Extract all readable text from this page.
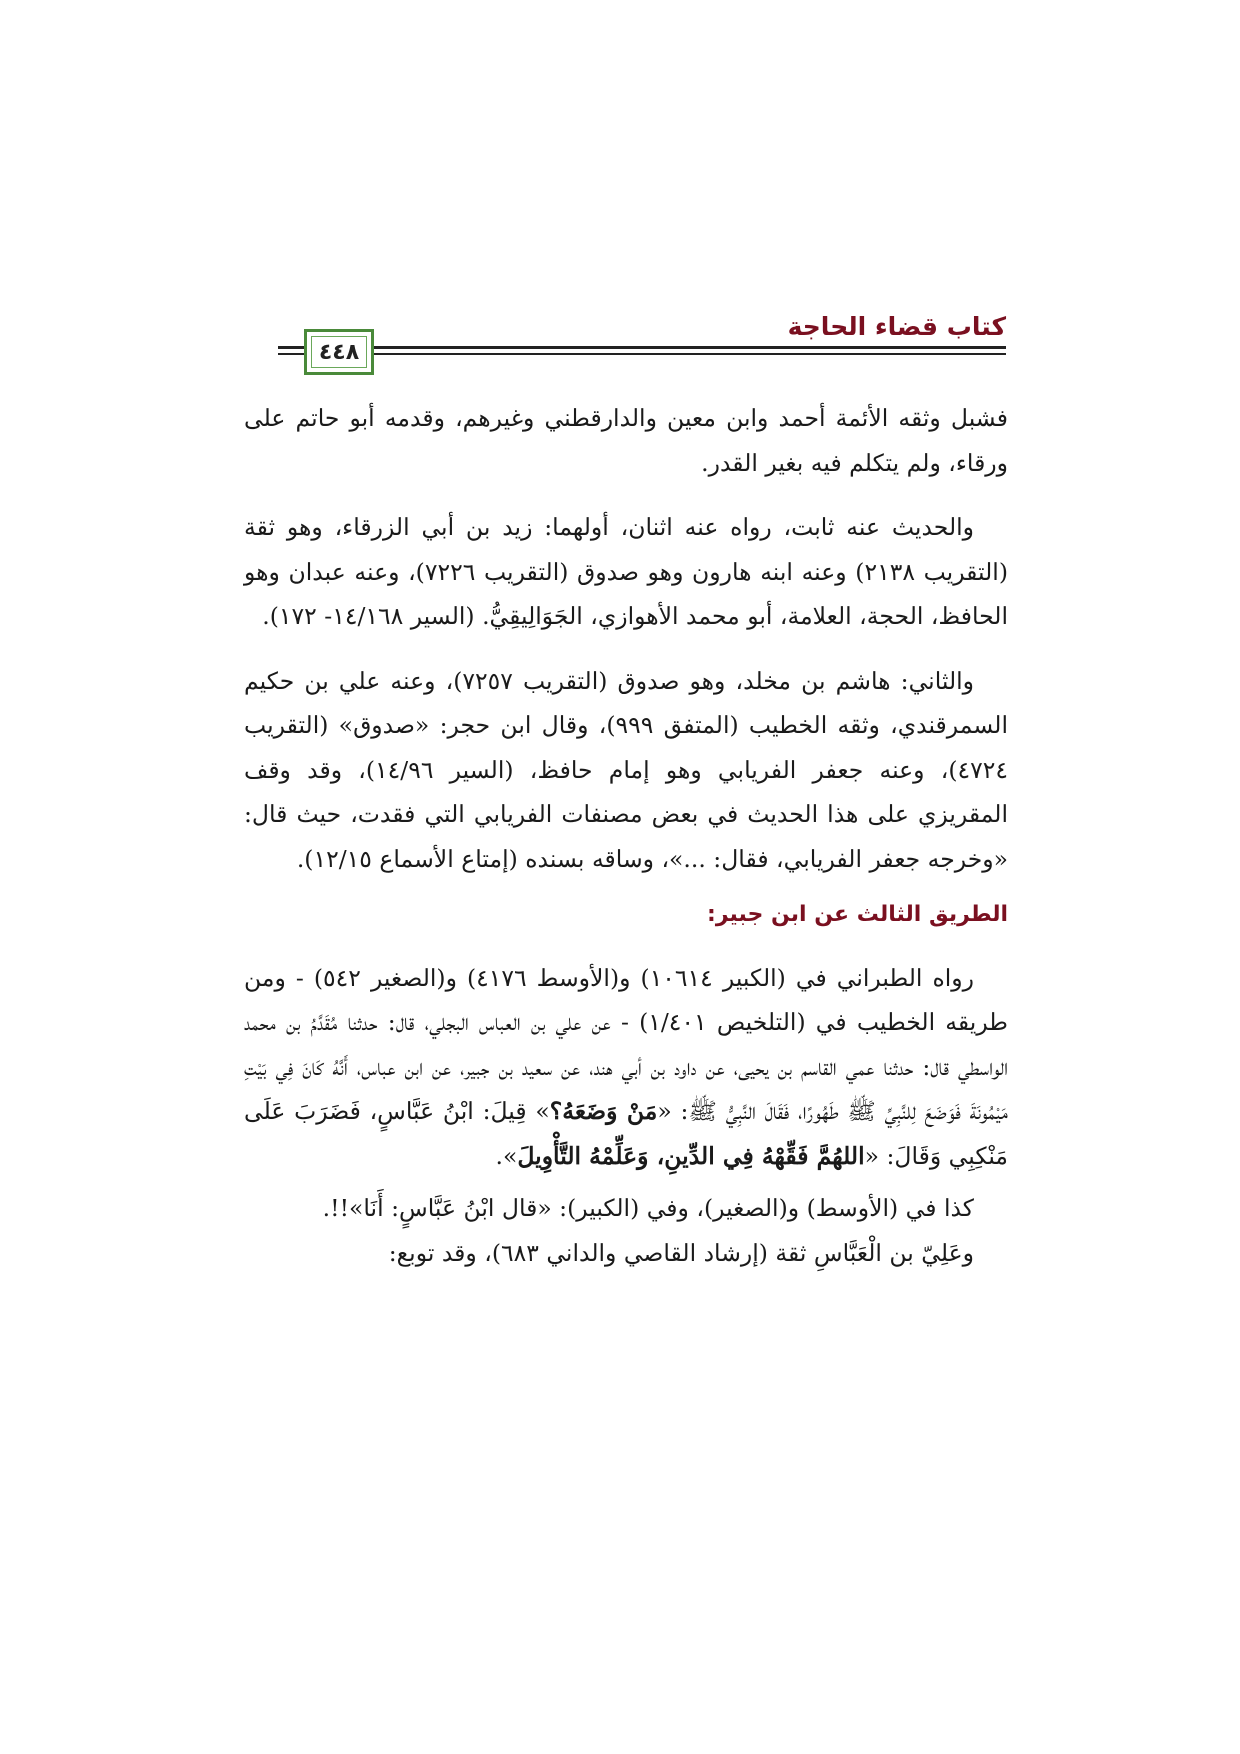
كتاب قضاء الحاجة
٤٤٨

فشبل وثقه الأئمة أحمد وابن معين والدارقطني وغيرهم، وقدمه أبو حاتم على ورقاء، ولم يتكلم فيه بغير القدر.

والحديث عنه ثابت، رواه عنه اثنان، أولهما: زيد بن أبي الزرقاء، وهو ثقة (التقريب ٢١٣٨) وعنه ابنه هارون وهو صدوق (التقريب ٧٢٢٦)، وعنه عبدان وهو الحافظ، الحجة، العلامة، أبو محمد الأهوازي، الجَوَالِيقِيُّ. (السير ١٤/١٦٨- ١٧٢).

والثاني: هاشم بن مخلد، وهو صدوق (التقريب ٧٢٥٧)، وعنه علي بن حكيم السمرقندي، وثقه الخطيب (المتفق ٩٩٩)، وقال ابن حجر: «صدوق» (التقريب ٤٧٢٤)، وعنه جعفر الفريابي وهو إمام حافظ، (السير ١٤/٩٦)، وقد وقف المقريزي على هذا الحديث في بعض مصنفات الفريابي التي فقدت، حيث قال: «وخرجه جعفر الفريابي، فقال: ...»، وساقه بسنده (إمتاع الأسماع ١٢/١٥).

الطريق الثالث عن ابن جبير:

رواه الطبراني في (الكبير ١٠٦١٤) و(الأوسط ٤١٧٦) و(الصغير ٥٤٢) - ومن طريقه الخطيب في (التلخيص ١/٤٠١) - عن علي بن العباس البجلي، قال: حدثنا مُقَدَّمُ بن محمد الواسطي قال: حدثنا عمي القاسم بن يحيى، عن داود بن أبي هند، عن سعيد بن جبير، عن ابن عباس، أَنَّهُ كَانَ فِي بَيْتِ مَيْمُونَةَ فَوَضَعَ لِلنَّبِيِّ ﷺ طَهُورًا، فَقَالَ النَّبِيُّ ﷺ: «مَنْ وَضَعَهُ؟» قِيلَ: ابْنُ عَبَّاسٍ، فَضَرَبَ عَلَى مَنْكِبِي وَقَالَ: «اللهُمَّ فَقِّهْهُ فِي الدِّينِ، وَعَلِّمْهُ التَّأْوِيلَ».

كذا في (الأوسط) و(الصغير)، وفي (الكبير): «قال ابْنُ عَبَّاسٍ: أَنَا»!!.

وعَلِيّ بن الْعَبَّاسِ ثقة (إرشاد القاصي والداني ٦٨٣)، وقد توبع:
